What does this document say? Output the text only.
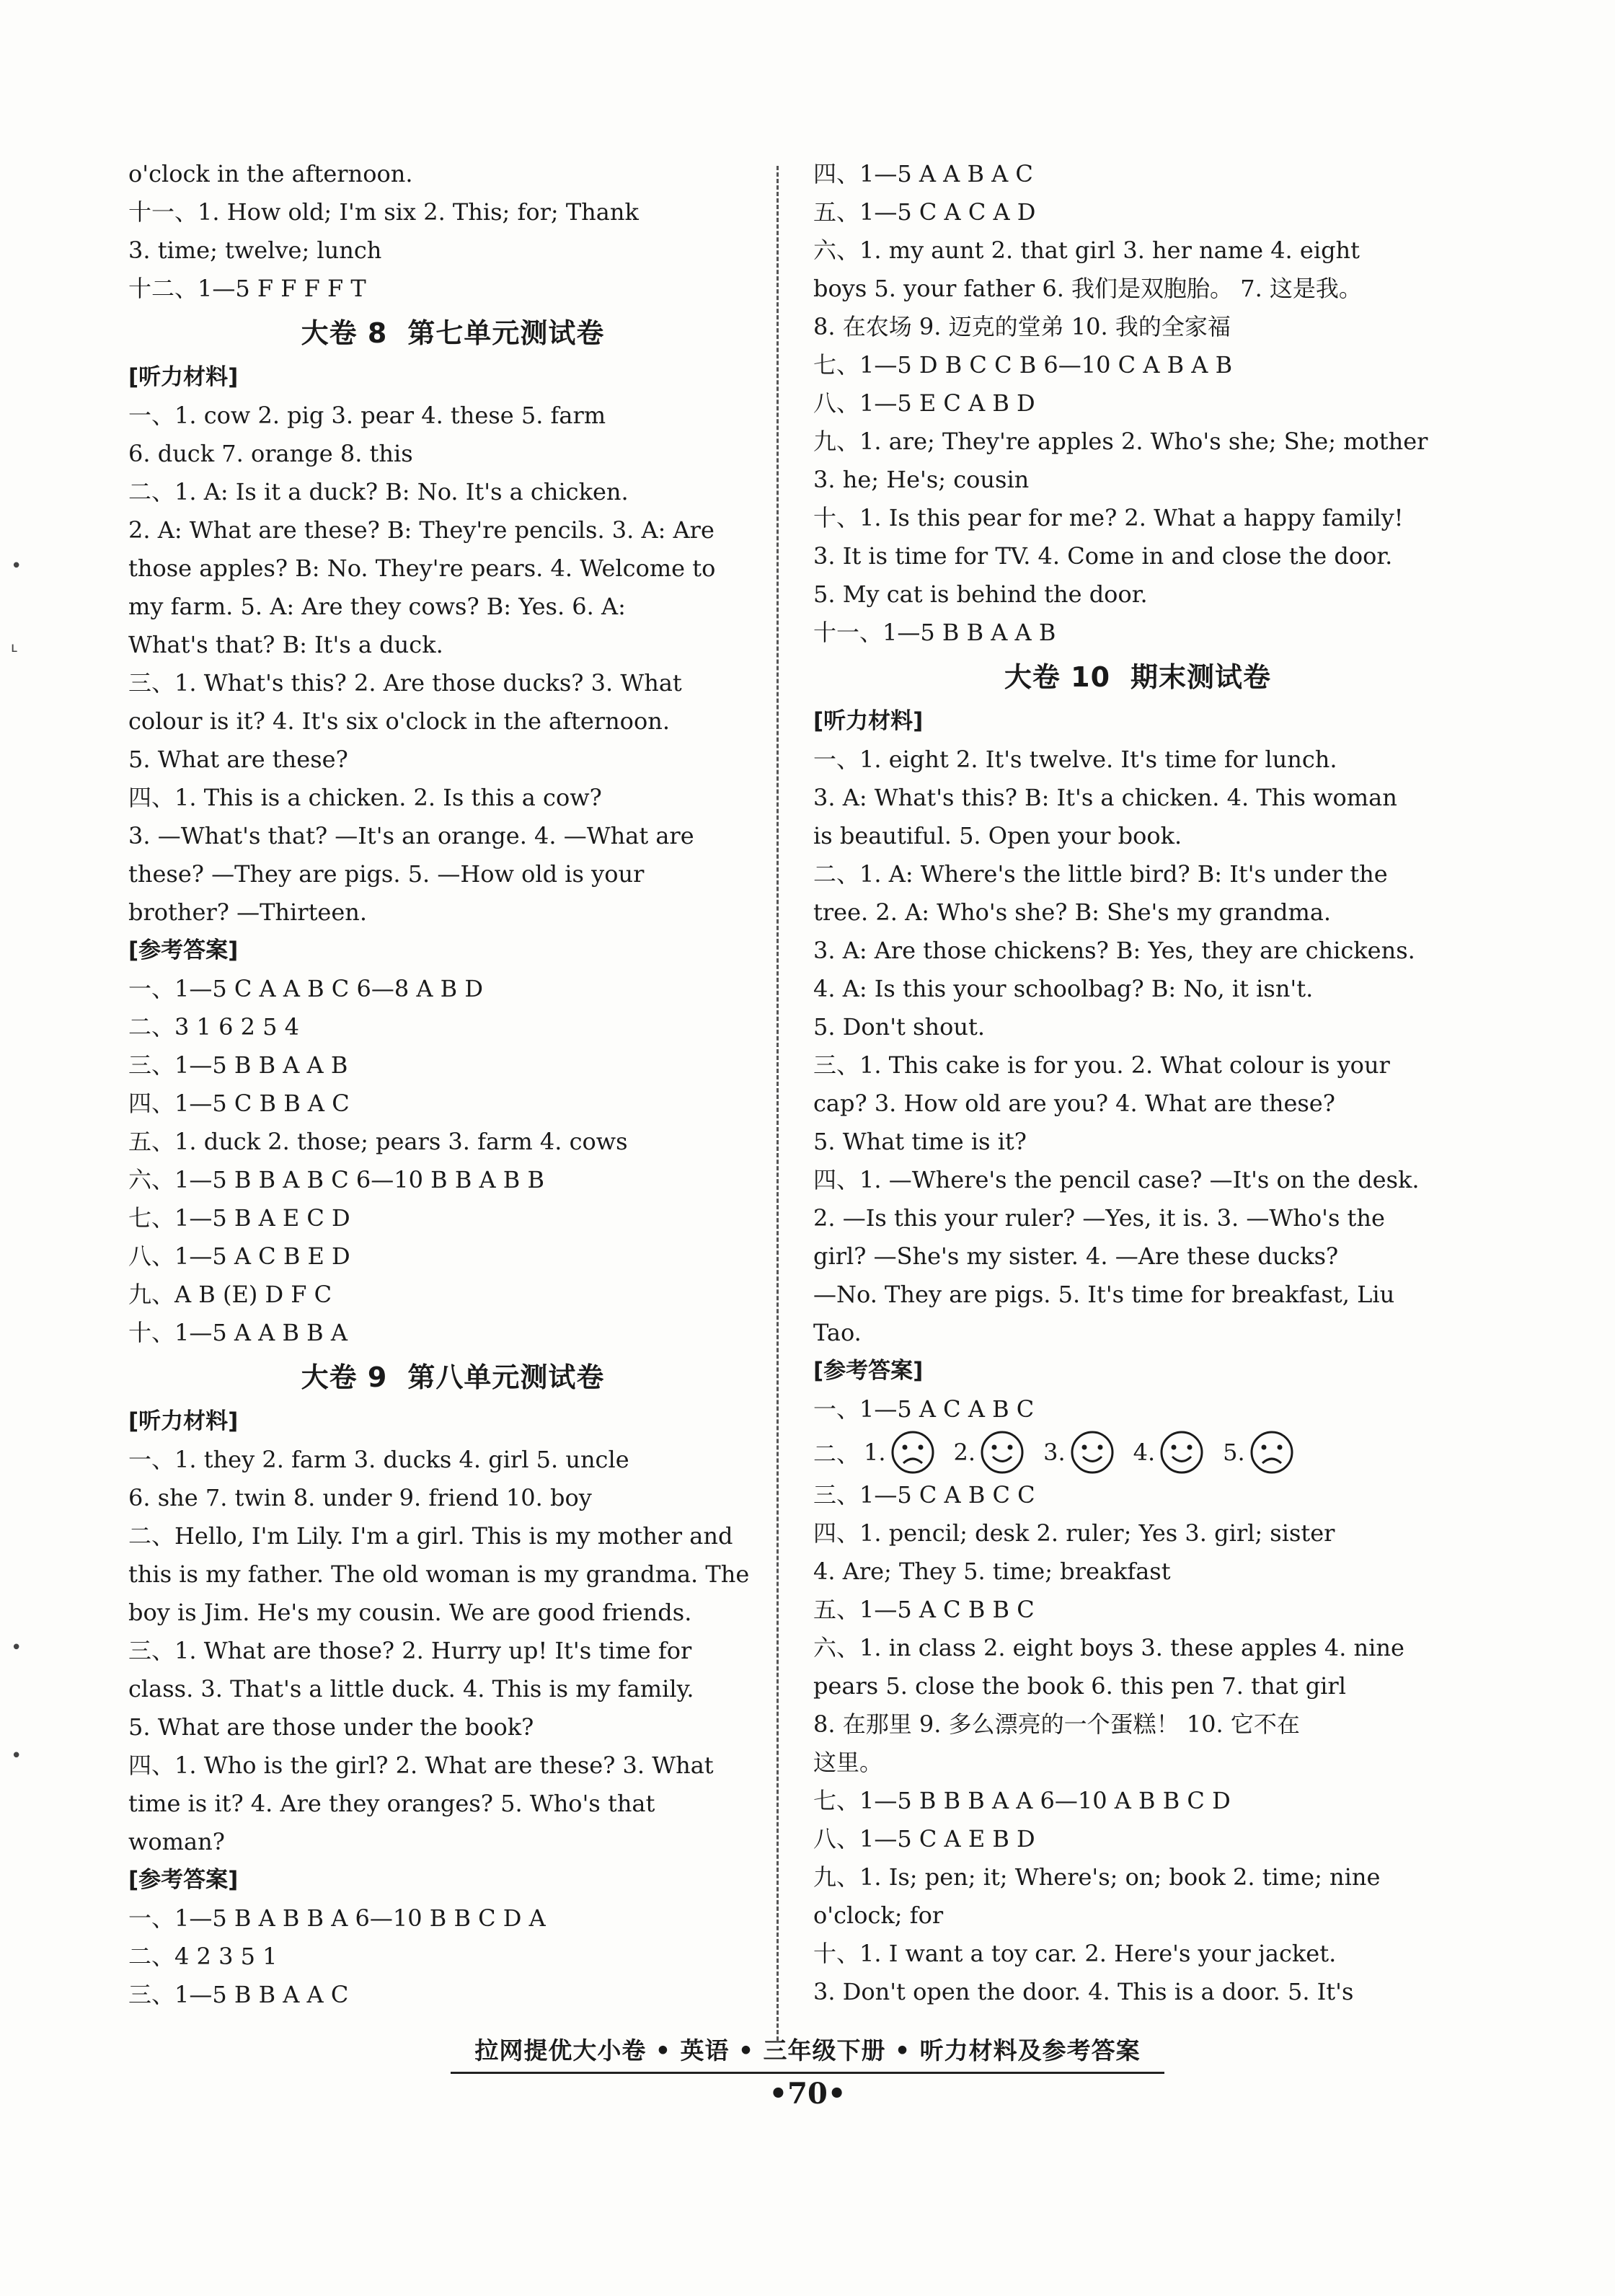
o'clock in the afternoon.
十一、1. How old; I'm six 2. This; for; Thank
3. time; twelve; lunch
十二、1—5 F F F F T
大卷 8 第七单元测试卷
[听力材料]
一、1. cow 2. pig 3. pear 4. these 5. farm
6. duck 7. orange 8. this
二、1. A: Is it a duck? B: No. It's a chicken.
2. A: What are these? B: They're pencils. 3. A: Are
those apples? B: No. They're pears. 4. Welcome to
my farm. 5. A: Are they cows? B: Yes. 6. A:
What's that? B: It's a duck.
三、1. What's this? 2. Are those ducks? 3. What
colour is it? 4. It's six o'clock in the afternoon.
5. What are these?
四、1. This is a chicken. 2. Is this a cow?
3. —What's that? —It's an orange. 4. —What are
these? —They are pigs. 5. —How old is your
brother? —Thirteen.
[参考答案]
一、1—5 C A A B C 6—8 A B D
二、3 1 6 2 5 4
三、1—5 B B A A B
四、1—5 C B B A C
五、1. duck 2. those; pears 3. farm 4. cows
六、1—5 B B A B C 6—10 B B A B B
七、1—5 B A E C D
八、1—5 A C B E D
九、A B (E) D F C
十、1—5 A A B B A
大卷 9 第八单元测试卷
[听力材料]
一、1. they 2. farm 3. ducks 4. girl 5. uncle
6. she 7. twin 8. under 9. friend 10. boy
二、Hello, I'm Lily. I'm a girl. This is my mother and
this is my father. The old woman is my grandma. The
boy is Jim. He's my cousin. We are good friends.
三、1. What are those? 2. Hurry up! It's time for
class. 3. That's a little duck. 4. This is my family.
5. What are those under the book?
四、1. Who is the girl? 2. What are these? 3. What
time is it? 4. Are they oranges? 5. Who's that
woman?
[参考答案]
一、1—5 B A B B A 6—10 B B C D A
二、4 2 3 5 1
三、1—5 B B A A C
四、1—5 A A B A C
五、1—5 C A C A D
六、1. my aunt 2. that girl 3. her name 4. eight
boys 5. your father 6. 我们是双胞胎。 7. 这是我。
8. 在农场 9. 迈克的堂弟 10. 我的全家福
七、1—5 D B C C B 6—10 C A B A B
八、1—5 E C A B D
九、1. are; They're apples 2. Who's she; She; mother
3. he; He's; cousin
十、1. Is this pear for me? 2. What a happy family!
3. It is time for TV. 4. Come in and close the door.
5. My cat is behind the door.
十一、1—5 B B A A B
大卷 10 期末测试卷
[听力材料]
一、1. eight 2. It's twelve. It's time for lunch.
3. A: What's this? B: It's a chicken. 4. This woman
is beautiful. 5. Open your book.
二、1. A: Where's the little bird? B: It's under the
tree. 2. A: Who's she? B: She's my grandma.
3. A: Are those chickens? B: Yes, they are chickens.
4. A: Is this your schoolbag? B: No, it isn't.
5. Don't shout.
三、1. This cake is for you. 2. What colour is your
cap? 3. How old are you? 4. What are these?
5. What time is it?
四、1. —Where's the pencil case? —It's on the desk.
2. —Is this your ruler? —Yes, it is. 3. —Who's the
girl? —She's my sister. 4. —Are these ducks?
—No. They are pigs. 5. It's time for breakfast, Liu
Tao.
[参考答案]
一、1—5 A C A B C
二、 1.	2.	3.	4.	5.
三、1—5 C A B C C
四、1. pencil; desk 2. ruler; Yes 3. girl; sister
4. Are; They 5. time; breakfast
五、1—5 A C B B C
六、1. in class 2. eight boys 3. these apples 4. nine
pears 5. close the book 6. this pen 7. that girl
8. 在那里 9. 多么漂亮的一个蛋糕！ 10. 它不在
这里。
七、1—5 B B B A A 6—10 A B B C D
八、1—5 C A E B D
九、1. Is; pen; it; Where's; on; book 2. time; nine
o'clock; for
十、1. I want a toy car. 2. Here's your jacket.
3. Don't open the door. 4. This is a door. 5. It's
拉网提优大小卷 • 英语 • 三年级下册 • 听力材料及参考答案
•70•
•
ᒻ
•
•
